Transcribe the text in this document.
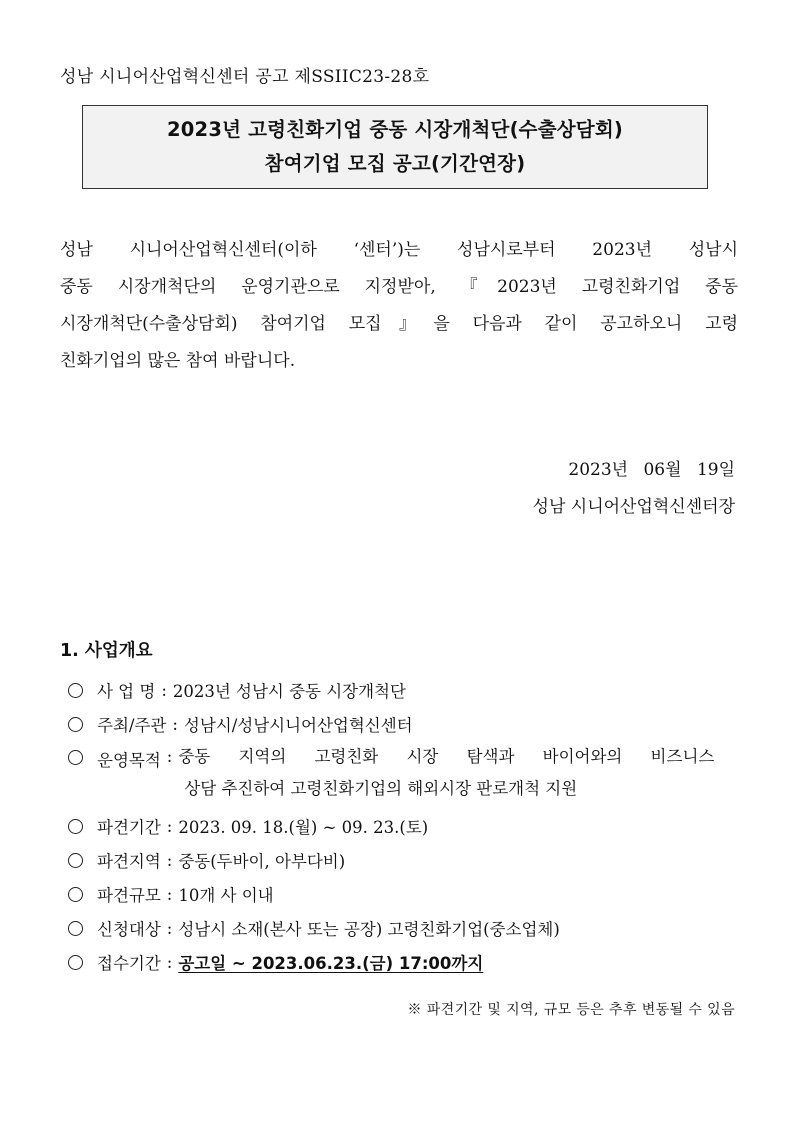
성남 시니어산업혁신센터 공고 제SSIIC23-28호
2023년 고령친화기업 중동 시장개척단(수출상담회)
참여기업 모집 공고(기간연장)
성남 시니어산업혁신센터(이하 ‘센터’)는 성남시로부터 2023년 성남시
중동 시장개척단의 운영기관으로 지정받아, 『2023년 고령친화기업 중동
시장개척단(수출상담회) 참여기업 모집』을 다음과 같이 공고하오니 고령
친화기업의 많은 참여 바랍니다.
2023년 06월 19일
성남 시니어산업혁신센터장
1. 사업개요
사 업 명 : 2023년 성남시 중동 시장개척단
주최/주관 : 성남시/성남시니어산업혁신센터
운영목적 : 중동 지역의 고령친화 시장 탐색과 바이어와의 비즈니스
상담 추진하여 고령친화기업의 해외시장 판로개척 지원
파견기간 : 2023. 09. 18.(월) ~ 09. 23.(토)
파견지역 : 중동(두바이, 아부다비)
파견규모 : 10개 사 이내
신청대상 : 성남시 소재(본사 또는 공장) 고령친화기업(중소업체)
접수기간 : 공고일 ~ 2023.06.23.(금) 17:00까지
※ 파견기간 및 지역, 규모 등은 추후 변동될 수 있음
